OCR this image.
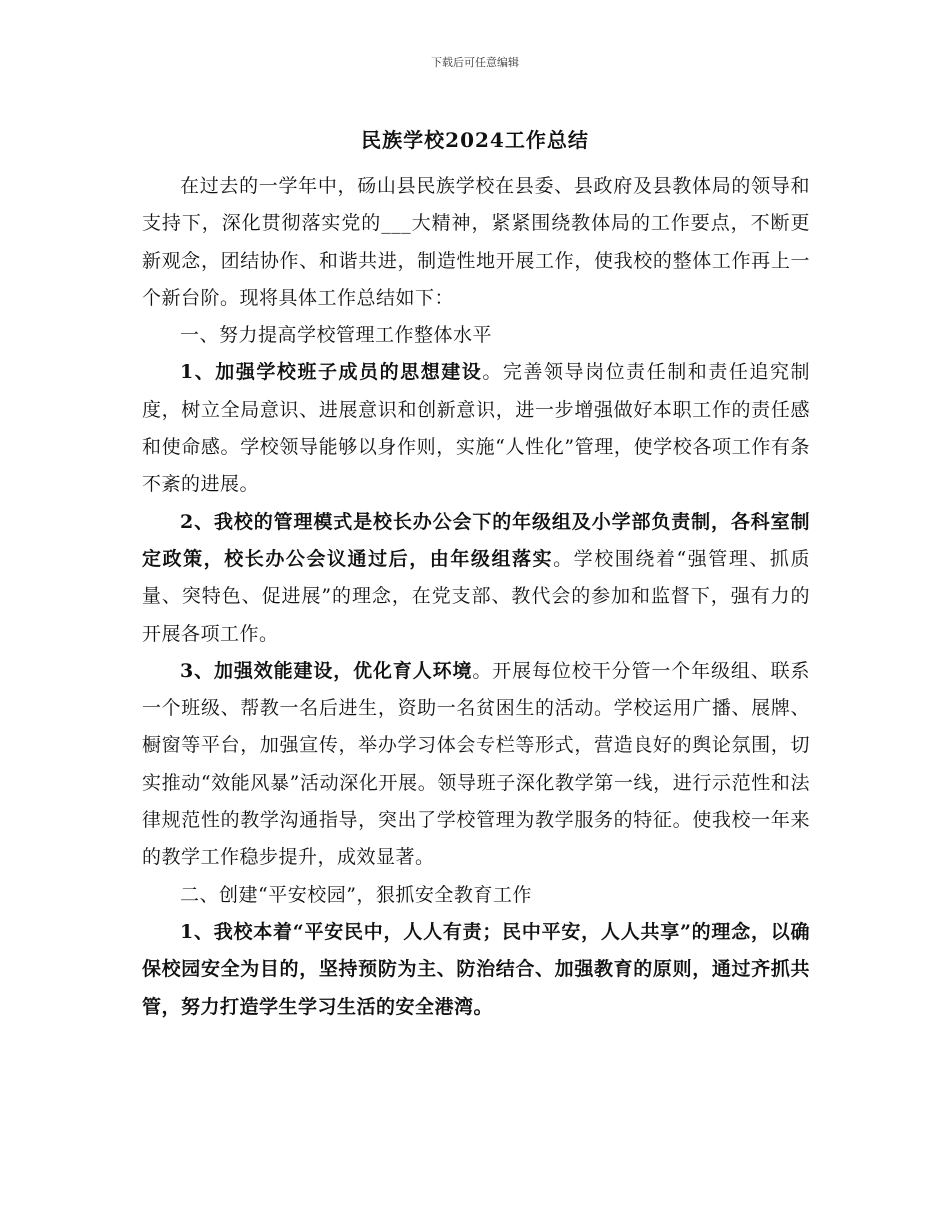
下载后可任意编辑
民族学校2024工作总结

在过去的一学年中，砀山县民族学校在县委、县政府及县教体局的领导和支持下，深化贯彻落实党的___大精神，紧紧围绕教体局的工作要点，不断更新观念，团结协作、和谐共进，制造性地开展工作，使我校的整体工作再上一个新台阶。现将具体工作总结如下：

一、努力提高学校管理工作整体水平

1、加强学校班子成员的思想建设。完善领导岗位责任制和责任追究制度，树立全局意识、进展意识和创新意识，进一步增强做好本职工作的责任感和使命感。学校领导能够以身作则，实施“人性化”管理，使学校各项工作有条不紊的进展。

2、我校的管理模式是校长办公会下的年级组及小学部负责制，各科室制定政策，校长办公会议通过后，由年级组落实。学校围绕着“强管理、抓质量、突特色、促进展”的理念，在党支部、教代会的参加和监督下，强有力的开展各项工作。

3、加强效能建设，优化育人环境。开展每位校干分管一个年级组、联系一个班级、帮教一名后进生，资助一名贫困生的活动。学校运用广播、展牌、橱窗等平台，加强宣传，举办学习体会专栏等形式，营造良好的舆论氛围，切实推动“效能风暴”活动深化开展。领导班子深化教学第一线，进行示范性和法律规范性的教学沟通指导，突出了学校管理为教学服务的特征。使我校一年来的教学工作稳步提升，成效显著。

二、创建“平安校园”，狠抓安全教育工作

1、我校本着“平安民中，人人有责；民中平安，人人共享”的理念，以确保校园安全为目的，坚持预防为主、防治结合、加强教育的原则，通过齐抓共管，努力打造学生学习生活的安全港湾。
